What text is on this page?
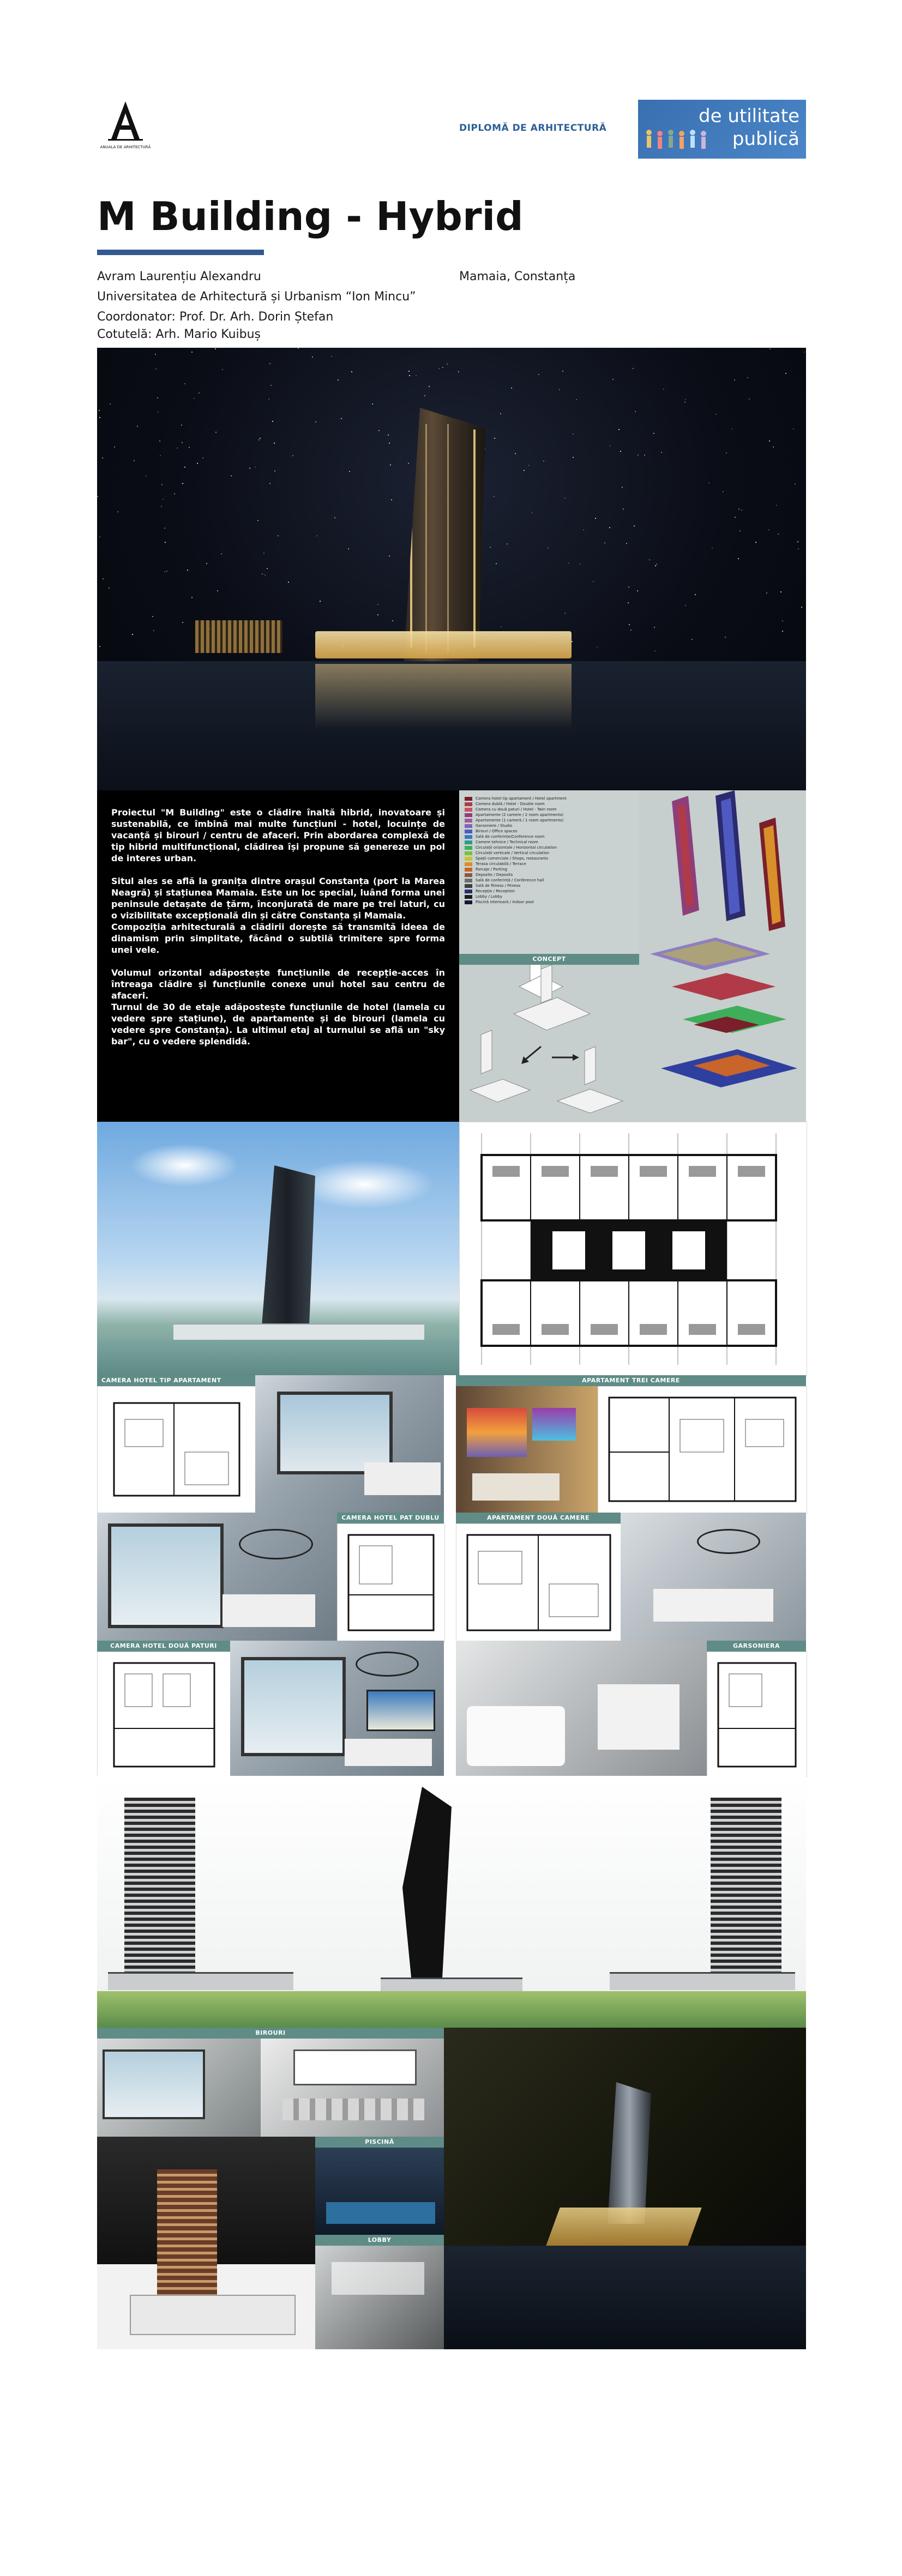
ANUALA DE ARHITECTURĂ
DIPLOMĂ DE ARHITECTURĂ
de utilitate
publică
M Building - Hybrid
Avram Laurențiu Alexandru	Mamaia, Constanța
Universitatea de Arhitectură și Urbanism “Ion Mincu”
Coordonator: Prof. Dr. Arh. Dorin Ștefan
Cotutelă: Arh. Mario Kuibuș

Proiectul "M Building" este o clădire înaltă hibrid, inovatoare și sustenabilă, ce îmbină mai multe funcțiuni - hotel, locuințe de vacanță și birouri / centru de afaceri. Prin abordarea complexă de tip hibrid multifuncțional, clădirea își propune să genereze un pol de interes urban.

Situl ales se află la granița dintre orașul Constanța (port la Marea Neagră) și stațiunea Mamaia. Este un loc special, luând forma unei peninsule detașate de țărm, înconjurată de mare pe trei laturi, cu o vizibilitate excepțională din și către Constanța și Mamaia.

Compoziția arhitecturală a clădirii dorește să transmită ideea de dinamism prin simplitate, făcând o subtilă trimitere spre forma unei vele.

Volumul orizontal adăpostește funcțiunile de recepție-acces în întreaga clădire și funcțiunile conexe unui hotel sau centru de afaceri.

Turnul de 30 de etaje adăpostește funcțiunile de hotel (lamela cu vedere spre stațiune), de apartamente și de birouri (lamela cu vedere spre Constanța). La ultimul etaj al turnului se află un "sky bar", cu o vedere splendidă.

Camera hotel tip apartament / Hotel apartment
Camera dublă / Hotel - Double room
Camera cu două paturi / Hotel - Twin room
Apartamente (2 camere / 2 room apartments)
Apartamente (1 cameră / 1 room apartments)
Garsoniere / Studio
Birouri / Office spaces
Sală de conferințe/Conference room
Camere tehnice / Technical room
Circulații orizontale / Horizontal circulation
Circulații verticale / Vertical circulation
Spații comerciale / Shops, restaurants
Terasa circulabilă / Terrace
Parcaje / Parking
Depozite / Deposits
Sală de conferință / Conference hall
Sală de fitness / Fitness
Recepție / Reception
Lobby / Lobby
Piscină interioară / Indoor pool
CONCEPT
CAMERA HOTEL TIP APARTAMENT	APARTAMENT TREI CAMERE
CAMERA HOTEL PAT DUBLU	APARTAMENT DOUĂ CAMERE
CAMERA HOTEL DOUĂ PATURI	GARSONIERA
BIROURI
PISCINĂ
LOBBY
